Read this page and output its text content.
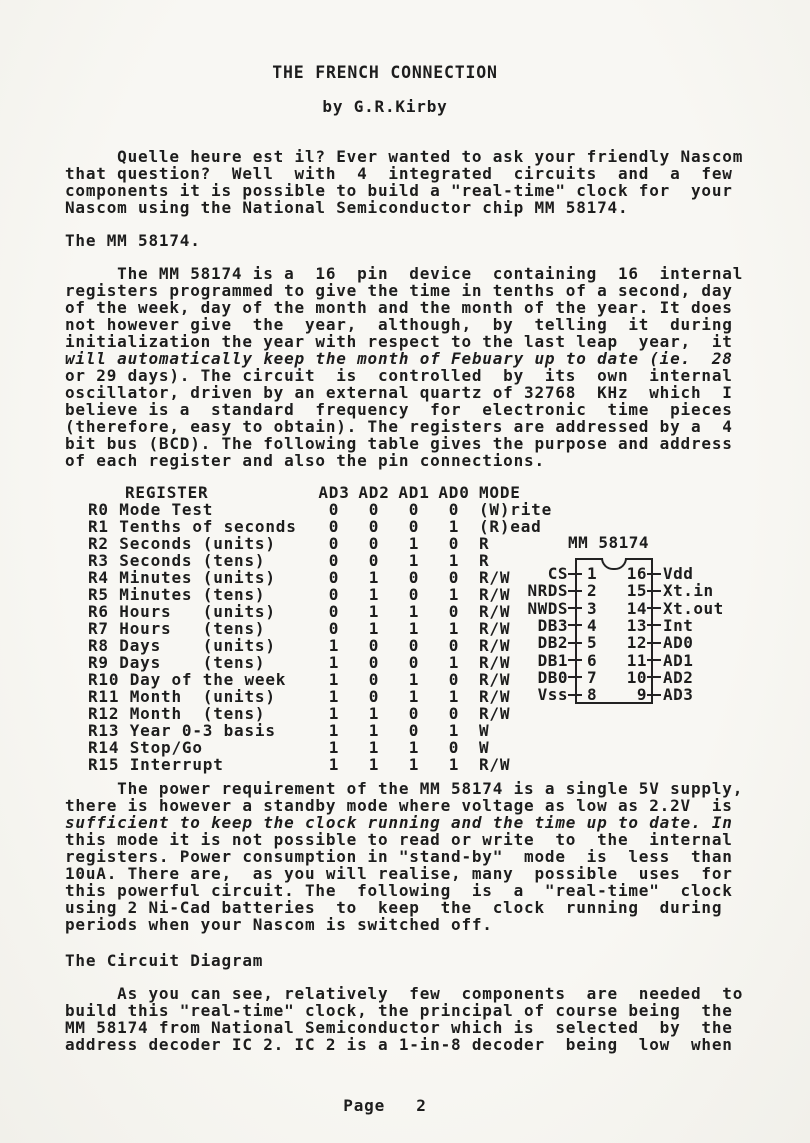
THE FRENCH CONNECTION
by G.R.Kirby
Quelle heure est il? Ever wanted to ask your friendly Nascom
that question?  Well  with  4  integrated  circuits  and  a  few
components it is possible to build a "real-time" clock for  your
Nascom using the National Semiconductor chip MM 58174.
The MM 58174.
The MM 58174 is a  16  pin  device  containing  16  internal
registers programmed to give the time in tenths of a second, day
of the week, day of the month and the month of the year. It does
not however give  the  year,  although,  by  telling  it  during
initialization the year with respect to the last leap  year,  it
will automatically keep the month of Febuary up to date (ie.  28
or 29 days). The circuit  is  controlled  by  its  own  internal
oscillator, driven by an external quartz of 32768  KHz  which  I
believe is a  standard  frequency  for  electronic  time  pieces
(therefore, easy to obtain). The registers are addressed by a  4
bit bus (BCD). The following table gives the purpose and address
of each register and also the pin connections.
REGISTER	AD3 AD2 AD1 AD0 MODE
R0 Mode Test	0	0	0	0	(W)rite
R1 Tenths of seconds	0	0	0	1	(R)ead
R2 Seconds (units)	0	0	1	0	R
R3 Seconds (tens)	0	0	1	1	R
R4 Minutes (units)	0	1	0	0	R/W
R5 Minutes (tens)	0	1	0	1	R/W
R6 Hours   (units)	0	1	1	0	R/W
R7 Hours   (tens)	0	1	1	1	R/W
R8 Days    (units)	1	0	0	0	R/W
R9 Days    (tens)	1	0	0	1	R/W
R10 Day of the week	1	0	1	0	R/W
R11 Month  (units)	1	0	1	1	R/W
R12 Month  (tens)	1	1	0	0	R/W
R13 Year 0-3 basis	1	1	0	1	W
R14 Stop/Go	1	1	1	0	W
R15 Interrupt	1	1	1	1	R/W
MM 58174
CS	1	16 Vdd
NRDS	2	15 Xt.in
NWDS	3	14 Xt.out
DB3	4	13 Int
DB2	5	12 AD0
DB1	6	11 AD1
DB0	7	10 AD2
Vss	8	9 AD3
The power requirement of the MM 58174 is a single 5V supply,
there is however a standby mode where voltage as low as 2.2V  is
sufficient to keep the clock running and the time up to date. In
this mode it is not possible to read or write  to  the  internal
registers. Power consumption in "stand-by"  mode  is  less  than
10uA. There are,  as you will realise, many  possible  uses  for
this powerful circuit. The  following  is  a  "real-time"  clock
using 2 Ni-Cad batteries  to  keep  the  clock  running  during
periods when your Nascom is switched off.
The Circuit Diagram
As you can see, relatively  few  components  are  needed  to
build this "real-time" clock, the principal of course being  the
MM 58174 from National Semiconductor which is  selected  by  the
address decoder IC 2. IC 2 is a 1-in-8 decoder  being  low  when
Page   2
